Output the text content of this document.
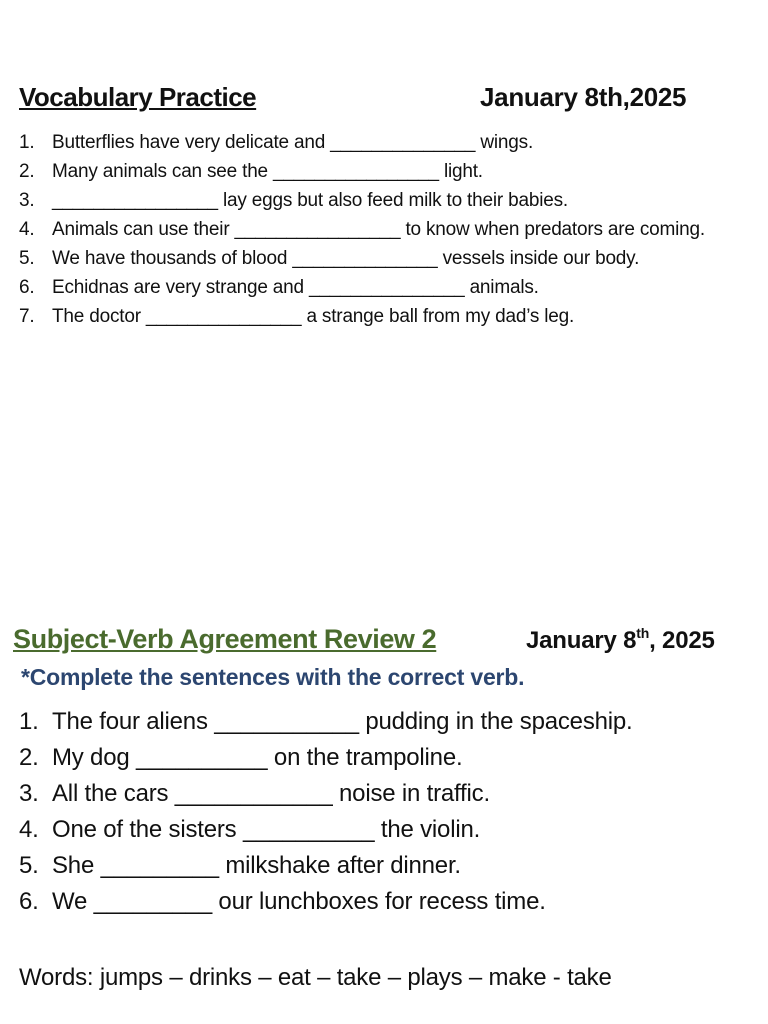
Vocabulary Practice	January 8th,2025
1. Butterflies have very delicate and ______________ wings.
2. Many animals can see the ________________ light.
3. ________________ lay eggs but also feed milk to their babies.
4. Animals can use their ________________ to know when predators are coming.
5. We have thousands of blood ______________ vessels inside our body.
6. Echidnas are very strange and _______________ animals.
7. The doctor _______________ a strange ball from my dad’s leg.
Subject-Verb Agreement Review 2	January 8th, 2025
*Complete the sentences with the correct verb.
1. The four aliens ___________ pudding in the spaceship.
2. My dog __________ on the trampoline.
3. All the cars ____________ noise in traffic.
4. One of the sisters __________ the violin.
5. She _________ milkshake after dinner.
6. We _________ our lunchboxes for recess time.
Words: jumps – drinks – eat – take – plays – make - take
